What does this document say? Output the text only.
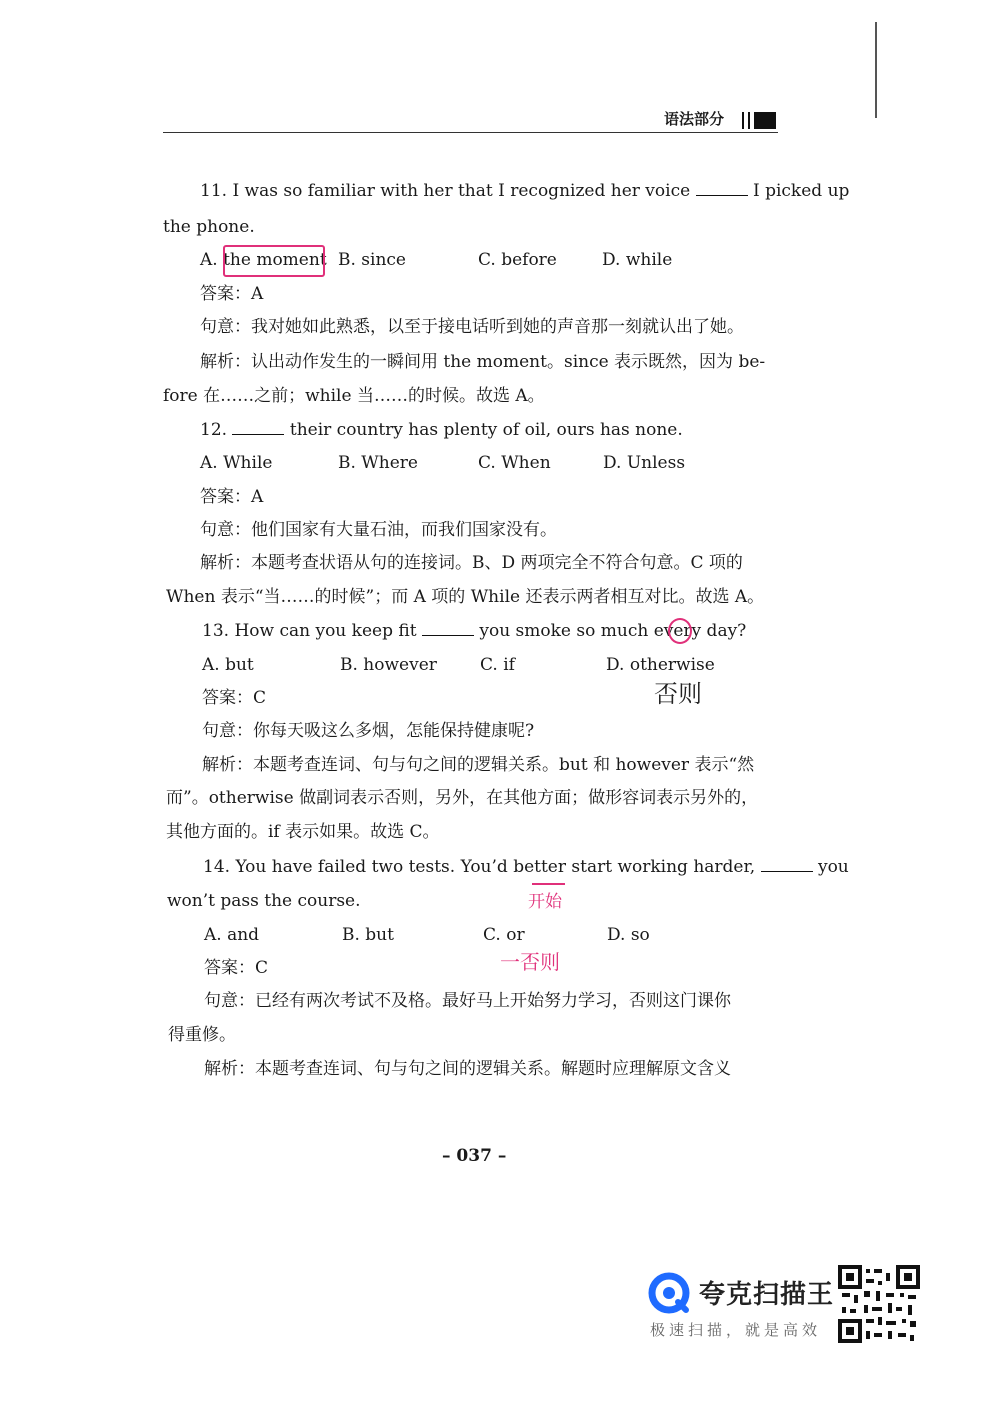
语法部分
11. I was so familiar with her that I recognized her voice	I picked up
the phone.
A. the moment B. since	C. before	D. while
答案：A
句意：我对她如此熟悉，以至于接电话听到她的声音那一刻就认出了她。
解析：认出动作发生的一瞬间用 the moment。since 表示既然，因为 be-
fore 在……之前；while 当……的时候。故选 A。
12.	their country has plenty of oil, ours has none.
A. While	B. Where	C. When	D. Unless
答案：A
句意：他们国家有大量石油，而我们国家没有。
解析：本题考查状语从句的连接词。B、D 两项完全不符合句意。C 项的
When 表示“当……的时候”；而 A 项的 While 还表示两者相互对比。故选 A。
13. How can you keep fit	you smoke so much every day?
A. but	B. however	C. if	D. otherwise
否则
答案：C
句意：你每天吸这么多烟，怎能保持健康呢?
解析：本题考查连词、句与句之间的逻辑关系。but 和 however 表示“然
而”。otherwise 做副词表示否则，另外，在其他方面；做形容词表示另外的，
其他方面的。if 表示如果。故选 C。
14. You have failed two tests. You’d better start working harder,	you
won’t pass the course.	开始
A. and	B. but	C. or	D. so
一否则
答案：C
句意：已经有两次考试不及格。最好马上开始努力学习，否则这门课你
得重修。
解析：本题考查连词、句与句之间的逻辑关系。解题时应理解原文含义
– 037 –
夸克扫描王
极速扫描，就是高效
